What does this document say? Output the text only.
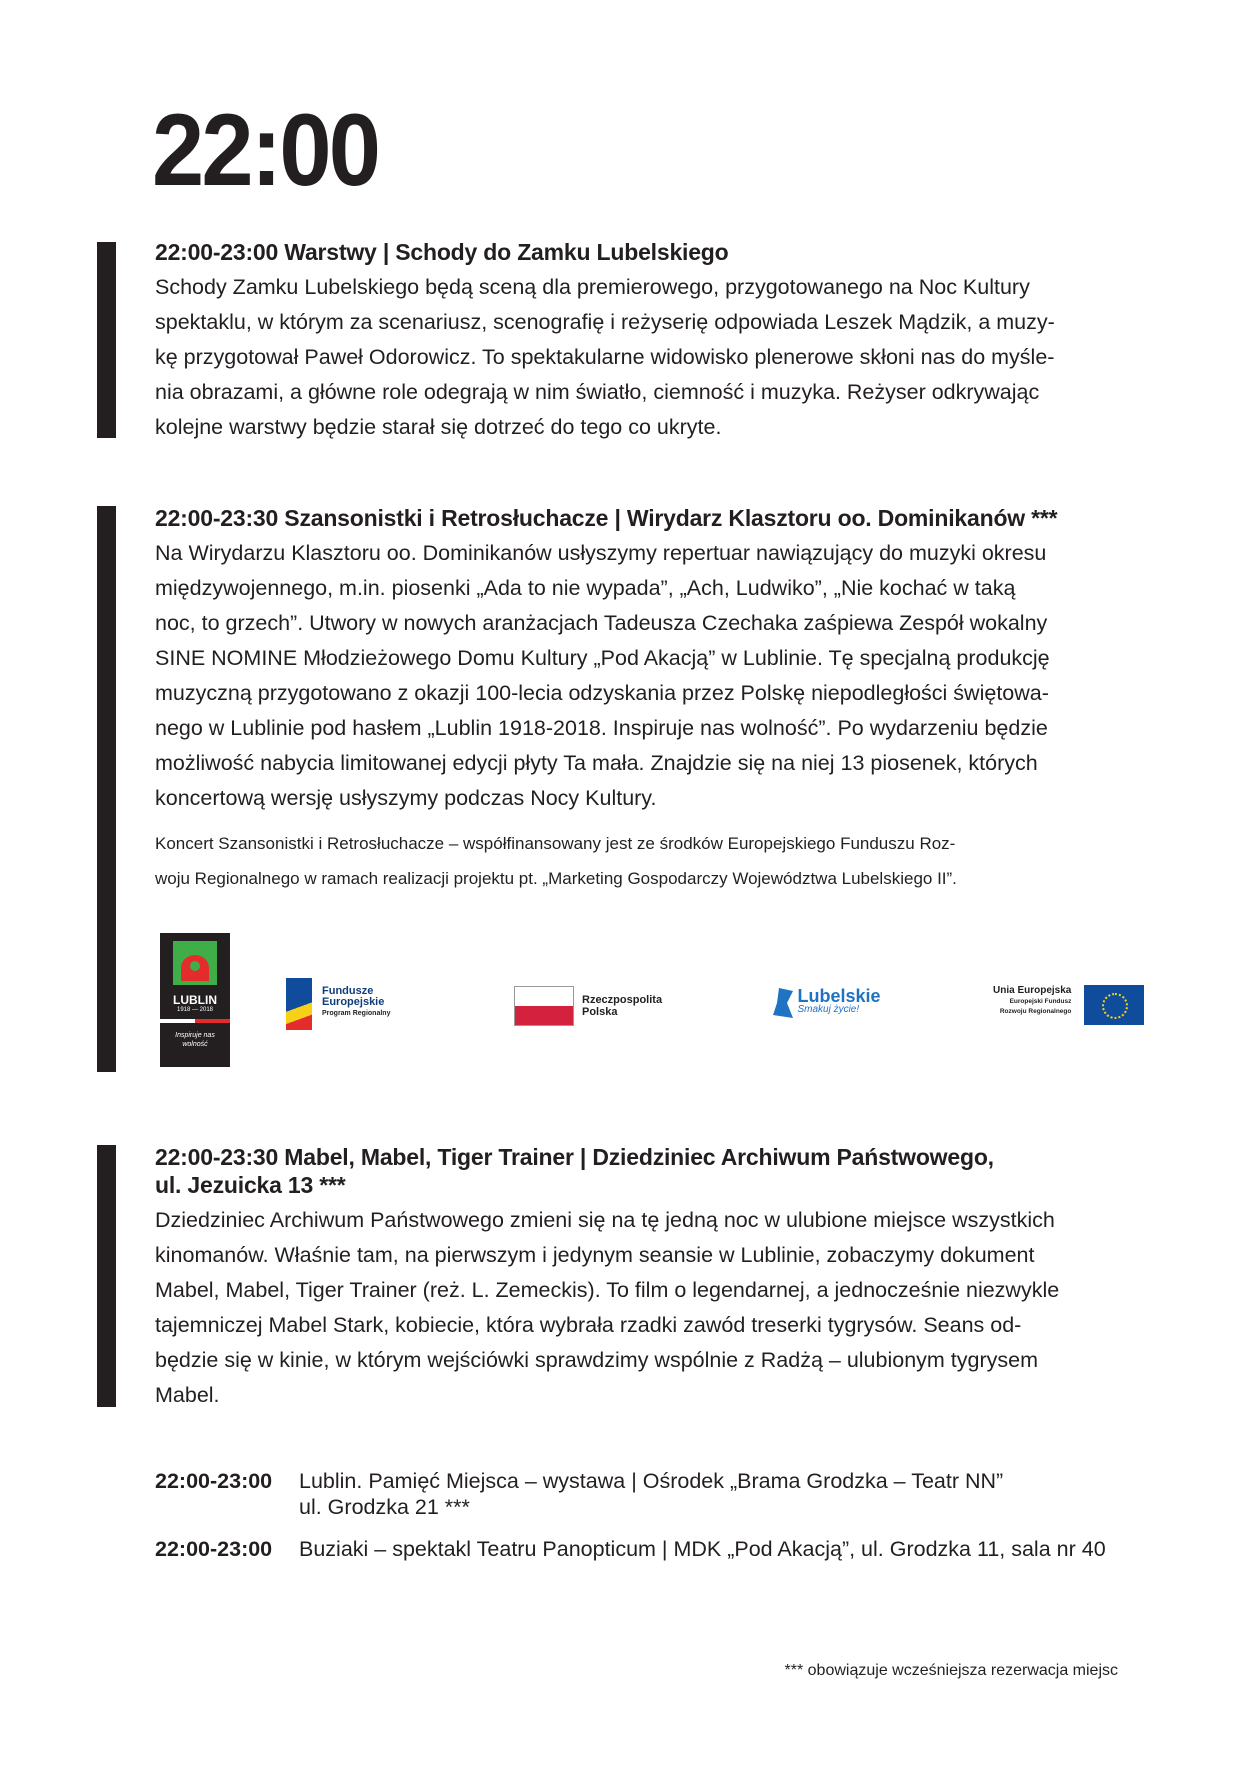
22:00
22:00-23:00 Warstwy | Schody do Zamku Lubelskiego
Schody Zamku Lubelskiego będą sceną dla premierowego, przygotowanego na Noc Kultury
spektaklu, w którym za scenariusz, scenografię i reżyserię odpowiada Leszek Mądzik, a muzy-
kę przygotował Paweł Odorowicz. To spektakularne widowisko plenerowe skłoni nas do myśle-
nia obrazami, a główne role odegrają w nim światło, ciemność i muzyka. Reżyser odkrywając
kolejne warstwy będzie starał się dotrzeć do tego co ukryte.
22:00-23:30 Szansonistki i Retrosłuchacze | Wirydarz Klasztoru oo. Dominikanów ***
Na Wirydarzu Klasztoru oo. Dominikanów usłyszymy repertuar nawiązujący do muzyki okresu
międzywojennego, m.in. piosenki „Ada to nie wypada”, „Ach, Ludwiko”, „Nie kochać w taką
noc, to grzech”. Utwory w nowych aranżacjach Tadeusza Czechaka zaśpiewa Zespół wokalny
SINE NOMINE Młodzieżowego Domu Kultury „Pod Akacją” w Lublinie. Tę specjalną produkcję
muzyczną przygotowano z okazji 100-lecia odzyskania przez Polskę niepodległości świętowa-
nego w Lublinie pod hasłem „Lublin 1918-2018. Inspiruje nas wolność”. Po wydarzeniu będzie
możliwość nabycia limitowanej edycji płyty Ta mała. Znajdzie się na niej 13 piosenek, których
koncertową wersję usłyszymy podczas Nocy Kultury.
Koncert Szansonistki i Retrosłuchacze – współfinansowany jest ze środków Europejskiego Funduszu Roz-
woju Regionalnego w ramach realizacji projektu pt. „Marketing Gospodarczy Województwa Lubelskiego II”.
LUBLIN
1918 — 2018
Inspiruje nas wolność
Fundusze
Europejskie
Program Regionalny
Rzeczpospolita
Polska

Lubelskie
Smakuj życie!
Unia Europejska
Europejski Fundusz
Rozwoju Regionalnego

22:00-23:30 Mabel, Mabel, Tiger Trainer | Dziedziniec Archiwum Państwowego,
ul. Jezuicka 13 ***
Dziedziniec Archiwum Państwowego zmieni się na tę jedną noc w ulubione miejsce wszystkich
kinomanów. Właśnie tam, na pierwszym i jedynym seansie w Lublinie, zobaczymy dokument
Mabel, Mabel, Tiger Trainer (reż. L. Zemeckis). To film o legendarnej, a jednocześnie niezwykle
tajemniczej Mabel Stark, kobiecie, która wybrała rzadki zawód treserki tygrysów. Seans od-
będzie się w kinie, w którym wejściówki sprawdzimy wspólnie z Radżą – ulubionym tygrysem
Mabel.
22:00-23:00 Lublin. Pamięć Miejsca – wystawa | Ośrodek „Brama Grodzka – Teatr NN”
ul. Grodzka 21 ***
22:00-23:00 Buziaki – spektakl Teatru Panopticum | MDK „Pod Akacją”, ul. Grodzka 11, sala nr 40
*** obowiązuje wcześniejsza rezerwacja miejsc
